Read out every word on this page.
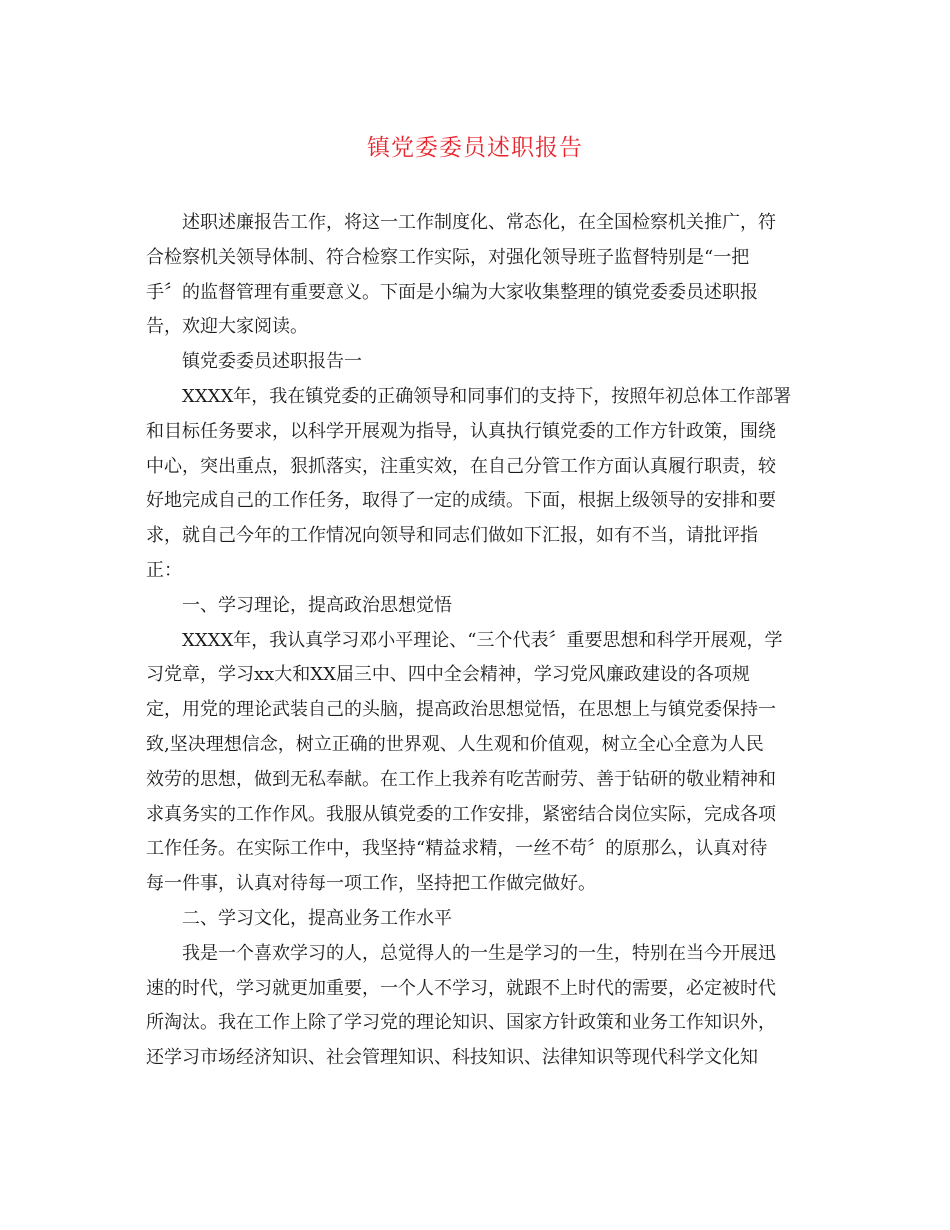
镇党委委员述职报告

述职述廉报告工作，将这一工作制度化、常态化，在全国检察机关推广，符
合检察机关领导体制、符合检察工作实际，对强化领导班子监督特别是“一把
手〞的监督管理有重要意义。下面是小编为大家收集整理的镇党委委员述职报
告，欢迎大家阅读。

镇党委委员述职报告一

XXXX年，我在镇党委的正确领导和同事们的支持下，按照年初总体工作部署
和目标任务要求，以科学开展观为指导，认真执行镇党委的工作方针政策，围绕
中心，突出重点，狠抓落实，注重实效，在自己分管工作方面认真履行职责，较
好地完成自己的工作任务，取得了一定的成绩。下面，根据上级领导的安排和要
求，就自己今年的工作情况向领导和同志们做如下汇报，如有不当，请批评指
正：

一、学习理论，提高政治思想觉悟

XXXX年，我认真学习邓小平理论、“三个代表〞重要思想和科学开展观，学
习党章，学习xx大和XX届三中、四中全会精神，学习党风廉政建设的各项规
定，用党的理论武装自己的头脑，提高政治思想觉悟，在思想上与镇党委保持一
致,坚决理想信念，树立正确的世界观、人生观和价值观，树立全心全意为人民
效劳的思想，做到无私奉献。在工作上我养有吃苦耐劳、善于钻研的敬业精神和
求真务实的工作作风。我服从镇党委的工作安排，紧密结合岗位实际，完成各项
工作任务。在实际工作中，我坚持“精益求精，一丝不苟〞的原那么，认真对待
每一件事，认真对待每一项工作，坚持把工作做完做好。

二、学习文化，提高业务工作水平

我是一个喜欢学习的人，总觉得人的一生是学习的一生，特别在当今开展迅
速的时代，学习就更加重要，一个人不学习，就跟不上时代的需要，必定被时代
所淘汰。我在工作上除了学习党的理论知识、国家方针政策和业务工作知识外，
还学习市场经济知识、社会管理知识、科技知识、法律知识等现代科学文化知
